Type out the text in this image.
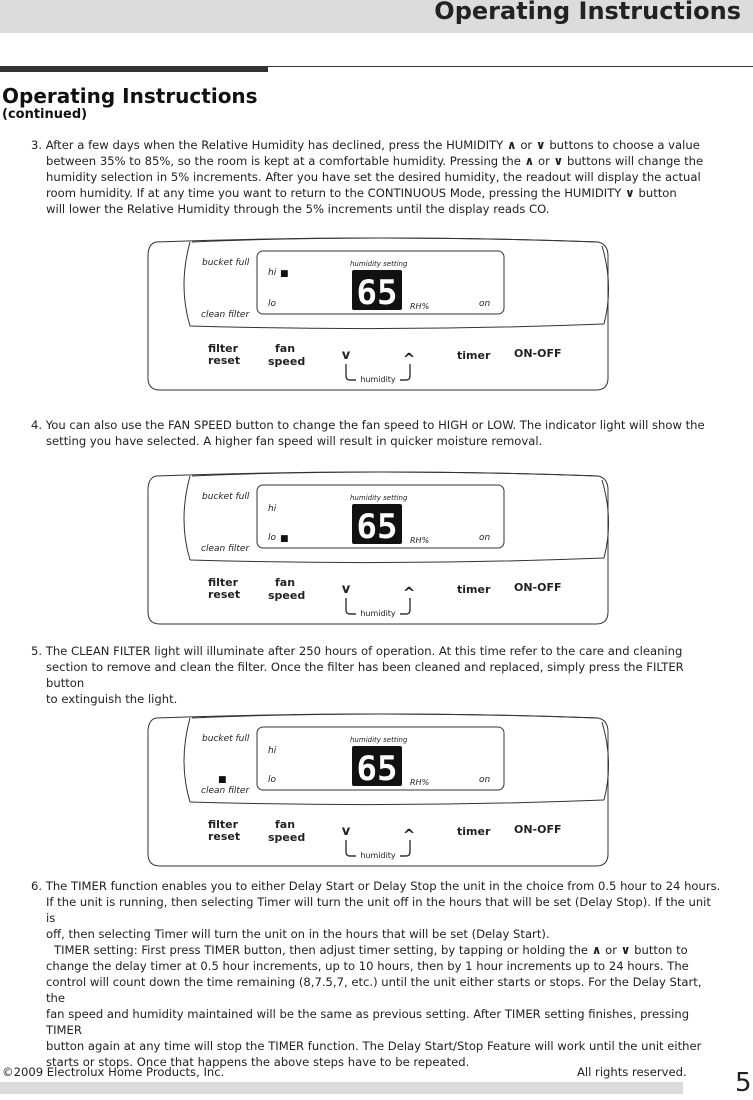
Operating Instructions
Operating Instructions
(continued)
3. After a few days when the Relative Humidity has declined, press the HUMIDITY ∧ or ∨ buttons to choose a value
between 35% to 85%, so the room is kept at a comfortable humidity. Pressing the ∧ or ∨ buttons will change the
humidity selection in 5% increments. After you have set the desired humidity, the readout will display the actual
room humidity. If at any time you want to return to the CONTINUOUS Mode, pressing the HUMIDITY ∨ button
will lower the Relative Humidity through the 5% increments until the display reads CO.
bucket full
clean filter
hi ■
lo	on
humidity setting
65 RH%
filter
reset
fan
speed	v	^	timer ON-OFF
humidity
4. You can also use the FAN SPEED button to change the fan speed to HIGH or LOW. The indicator light will show the
setting you have selected. A higher fan speed will result in quicker moisture removal.
bucket full
clean filter
hi
lo ■	on
humidity setting
65 RH%
filter
reset
fan
speed	v	^	timer ON-OFF
humidity
5. The CLEAN FILTER light will illuminate after 250 hours of operation. At this time refer to the care and cleaning
section to remove and clean the filter. Once the filter has been cleaned and replaced, simply press the FILTER button
to extinguish the light.
bucket full
■
clean filter
hi
lo	on
humidity setting
65 RH%
filter
reset
fan
speed	v	^	timer ON-OFF
humidity
6. The TIMER function enables you to either Delay Start or Delay Stop the unit in the choice from 0.5 hour to 24 hours.
If the unit is running, then selecting Timer will turn the unit off in the hours that will be set (Delay Stop). If the unit is
off, then selecting Timer will turn the unit on in the hours that will be set (Delay Start).
TIMER setting: First press TIMER button, then adjust timer setting, by tapping or holding the ∧ or ∨ button to
change the delay timer at 0.5 hour increments, up to 10 hours, then by 1 hour increments up to 24 hours. The
control will count down the time remaining (8,7.5,7, etc.) until the unit either starts or stops. For the Delay Start, the
fan speed and humidity maintained will be the same as previous setting. After TIMER setting finishes, pressing TIMER
button again at any time will stop the TIMER function. The Delay Start/Stop Feature will work until the unit either
starts or stops. Once that happens the above steps have to be repeated.
©2009 Electrolux Home Products, Inc.	All rights reserved. 5
